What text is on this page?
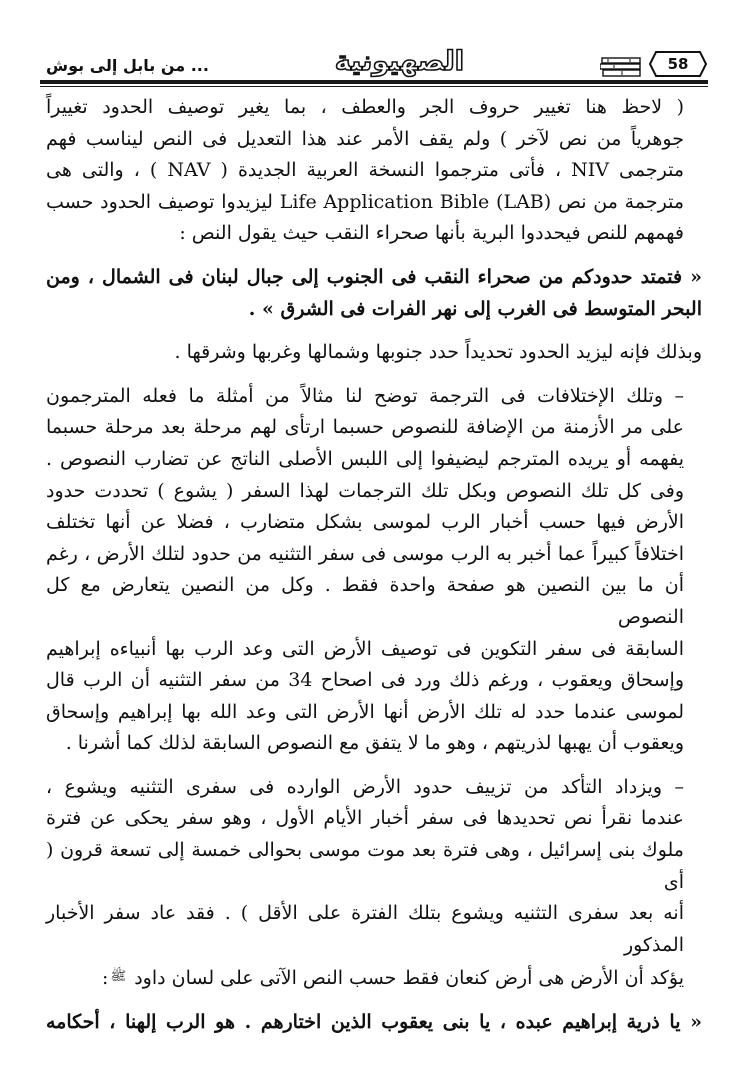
58
الصهيونية
... من بابل إلى بوش
( لاحظ هنا تغيير حروف الجر والعطف ، بما يغير توصيف الحدود تغييراً
جوهرياً من نص لآخر ) ولم يقف الأمر عند هذا التعديل فى النص ليناسب فهم
مترجمى NIV ، فأتى مترجموا النسخة العربية الجديدة ( NAV ) ، والتى هى
مترجمة من نص Life Application Bible (LAB) ليزيدوا توصيف الحدود حسب
فهمهم للنص فيحددوا البرية بأنها صحراء النقب حيث يقول النص :
« فتمتد حدودكم من صحراء النقب فى الجنوب إلى جبال لبنان فى الشمال ، ومن
البحر المتوسط فى الغرب إلى نهر الفرات فى الشرق » .
وبذلك فإنه ليزيد الحدود تحديداً حدد جنوبها وشمالها وغربها وشرقها .
– وتلك الإختلافات فى الترجمة توضح لنا مثالاً من أمثلة ما فعله المترجمون
على مر الأزمنة من الإضافة للنصوص حسبما ارتأى لهم مرحلة بعد مرحلة حسبما
يفهمه أو يريده المترجم ليضيفوا إلى اللبس الأصلى الناتج عن تضارب النصوص .
وفى كل تلك النصوص وبكل تلك الترجمات لهذا السفر ( يشوع ) تحددت حدود
الأرض فيها حسب أخبار الرب لموسى بشكل متضارب ، فضلا عن أنها تختلف
اختلافاً كبيراً عما أخبر به الرب موسى فى سفر التثنيه من حدود لتلك الأرض ، رغم
أن ما بين النصين هو صفحة واحدة فقط . وكل من النصين يتعارض مع كل النصوص
السابقة فى سفر التكوين فى توصيف الأرض التى وعد الرب بها أنبياءه إبراهيم
وإسحاق ويعقوب ، ورغم ذلك ورد فى اصحاح 34 من سفر التثنيه أن الرب قال
لموسى عندما حدد له تلك الأرض أنها الأرض التى وعد الله بها إبراهيم وإسحاق
ويعقوب أن يهبها لذريتهم ، وهو ما لا يتفق مع النصوص السابقة لذلك كما أشرنا .
– ويزداد التأكد من تزييف حدود الأرض الوارده فى سفرى التثنيه ويشوع ،
عندما نقرأ نص تحديدها فى سفر أخبار الأيام الأول ، وهو سفر يحكى عن فترة
ملوك بنى إسرائيل ، وهى فترة بعد موت موسى بحوالى خمسة إلى تسعة قرون ( أى
أنه بعد سفرى التثنيه ويشوع بتلك الفترة على الأقل ) . فقد عاد سفر الأخبار المذكور
يؤكد أن الأرض هى أرض كنعان فقط حسب النص الآتى على لسان داود ﷺ:
« يا ذرية إبراهيم عبده ، يا بنى يعقوب الذين اختارهم . هو الرب إلهنا ، أحكامه
